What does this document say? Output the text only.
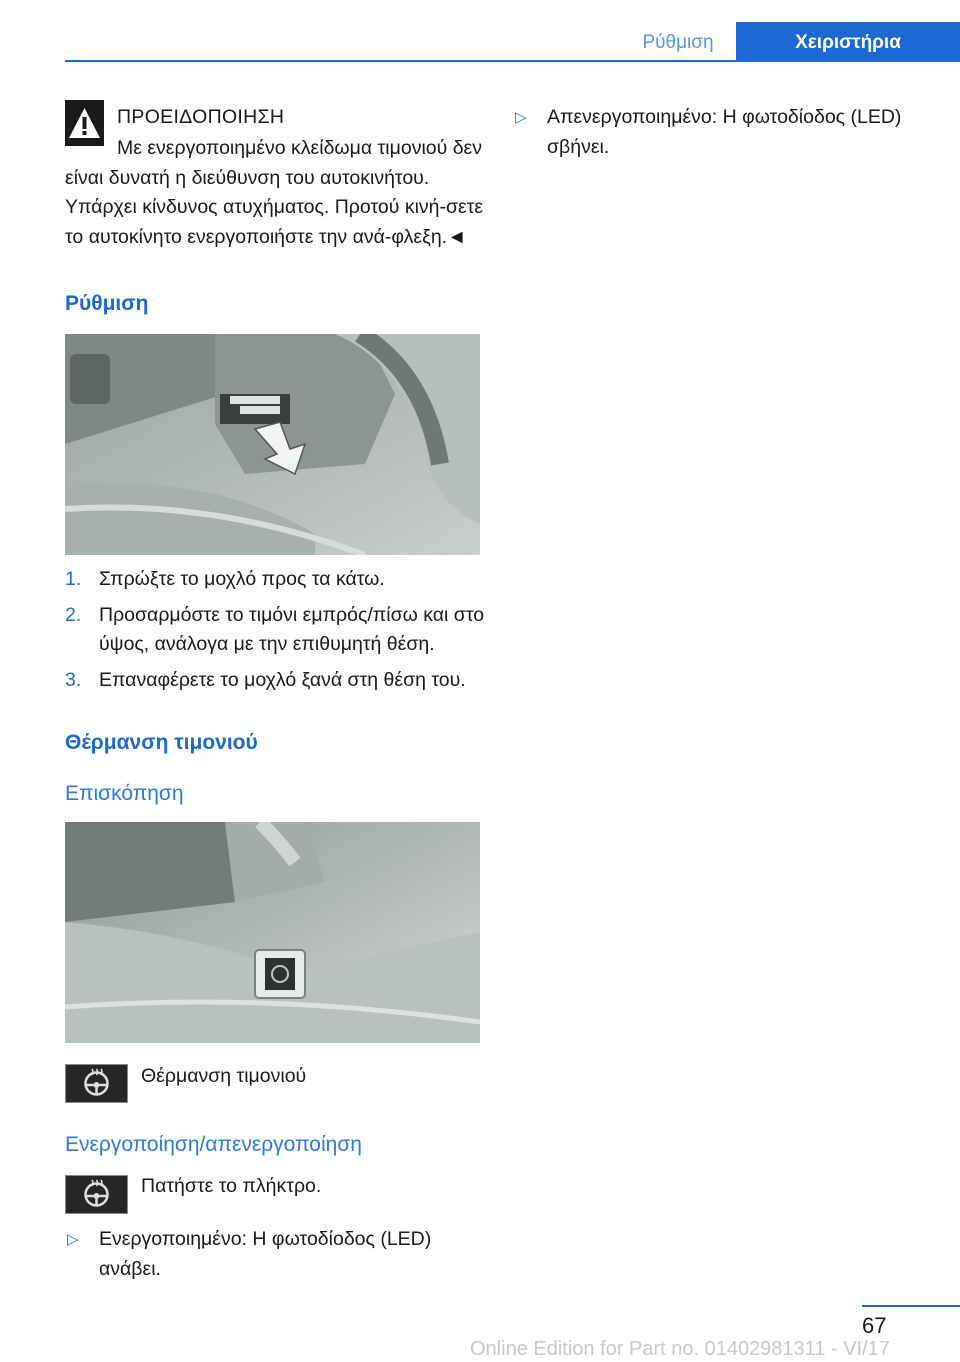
Ρύθμιση	Χειριστήρια
ΠΡΟΕΙΔΟΠΟΙΗΣΗ
Με ενεργοποιημένο κλείδωμα τιμονιού δεν είναι δυνατή η διεύθυνση του αυτοκινήτου. Υπάρχει κίνδυνος ατυχήματος. Προτού κινή-σετε το αυτοκίνητο ενεργοποιήστε την ανά-φλεξη.◄
Ρύθμιση
1. Σπρώξτε το μοχλό προς τα κάτω.
2. Προσαρμόστε το τιμόνι εμπρός/πίσω και στο ύψος, ανάλογα με την επιθυμητή θέση.
3. Επαναφέρετε το μοχλό ξανά στη θέση του.
Θέρμανση τιμονιού
Επισκόπηση
Θέρμανση τιμονιού
Ενεργοποίηση/απενεργοποίηση
Πατήστε το πλήκτρο.
▷ Ενεργοποιημένο: Η φωτοδίοδος (LED) ανάβει.
▷ Απενεργοποιημένο: Η φωτοδίοδος (LED) σβήνει.
67
Online Edition for Part no. 01402981311 - VI/17
